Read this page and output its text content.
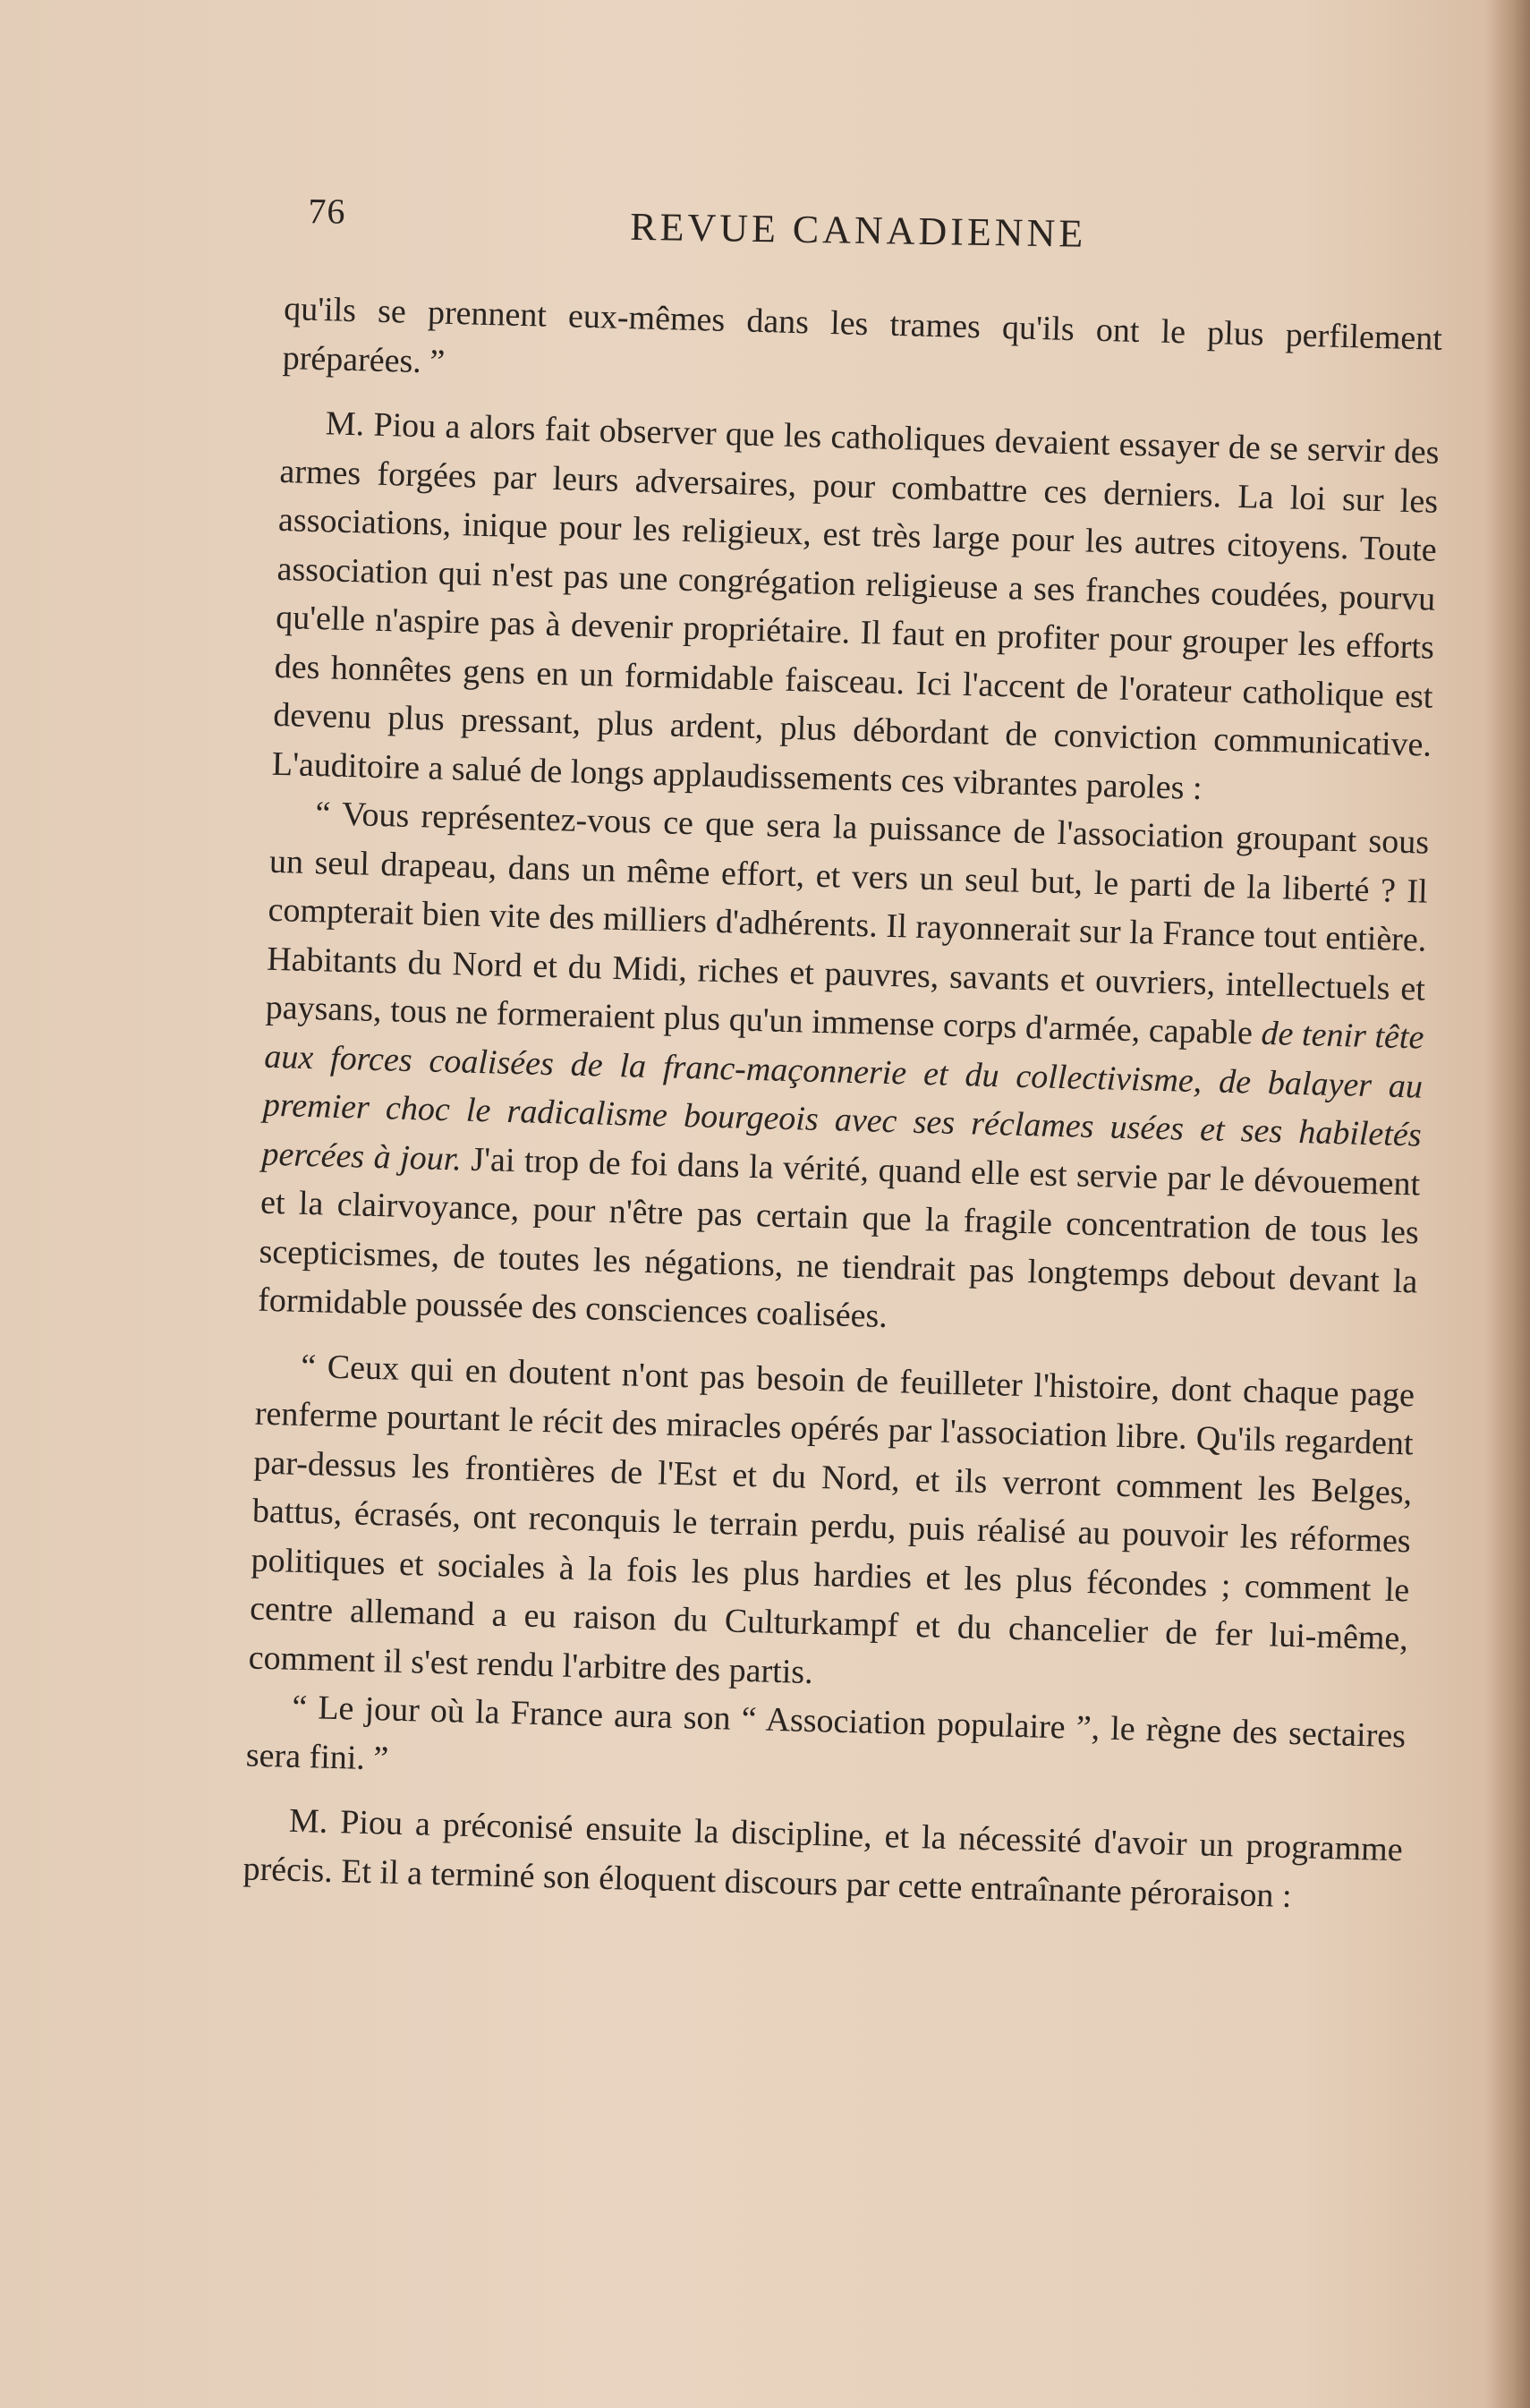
76	REVUE CANADIENNE

qu'ils se prennent eux-mêmes dans les trames qu'ils ont le plus perfilement préparées. ”

M. Piou a alors fait observer que les catholiques devaient essayer de se servir des armes forgées par leurs adversaires, pour combattre ces derniers. La loi sur les associations, inique pour les religieux, est très large pour les autres citoyens. Toute association qui n'est pas une congrégation religieuse a ses franches coudées, pourvu qu'elle n'aspire pas à devenir propriétaire. Il faut en profiter pour grouper les efforts des honnêtes gens en un formidable faisceau. Ici l'accent de l'orateur catholique est devenu plus pressant, plus ardent, plus débordant de conviction communicative. L'auditoire a salué de longs applaudissements ces vibrantes paroles :

“ Vous représentez-vous ce que sera la puissance de l'association groupant sous un seul drapeau, dans un même effort, et vers un seul but, le parti de la liberté ? Il compterait bien vite des milliers d'adhérents. Il rayonnerait sur la France tout entière. Habitants du Nord et du Midi, riches et pauvres, savants et ouvriers, intellectuels et paysans, tous ne formeraient plus qu'un immense corps d'armée, capable de tenir tête aux forces coalisées de la franc-maçonnerie et du collectivisme, de balayer au premier choc le radicalisme bourgeois avec ses réclames usées et ses habiletés percées à jour. J'ai trop de foi dans la vérité, quand elle est servie par le dévouement et la clairvoyance, pour n'être pas certain que la fragile concentration de tous les scepticismes, de toutes les négations, ne tiendrait pas longtemps debout devant la formidable poussée des consciences coalisées.

“ Ceux qui en doutent n'ont pas besoin de feuilleter l'histoire, dont chaque page renferme pourtant le récit des miracles opérés par l'association libre. Qu'ils regardent par-dessus les frontières de l'Est et du Nord, et ils verront comment les Belges, battus, écrasés, ont reconquis le terrain perdu, puis réalisé au pouvoir les réformes politiques et sociales à la fois les plus hardies et les plus fécondes ; comment le centre allemand a eu raison du Culturkampf et du chancelier de fer lui-même, comment il s'est rendu l'arbitre des partis.

“ Le jour où la France aura son “ Association populaire ”, le règne des sectaires sera fini. ”

M. Piou a préconisé ensuite la discipline, et la nécessité d'avoir un programme précis. Et il a terminé son éloquent discours par cette entraînante péroraison :
